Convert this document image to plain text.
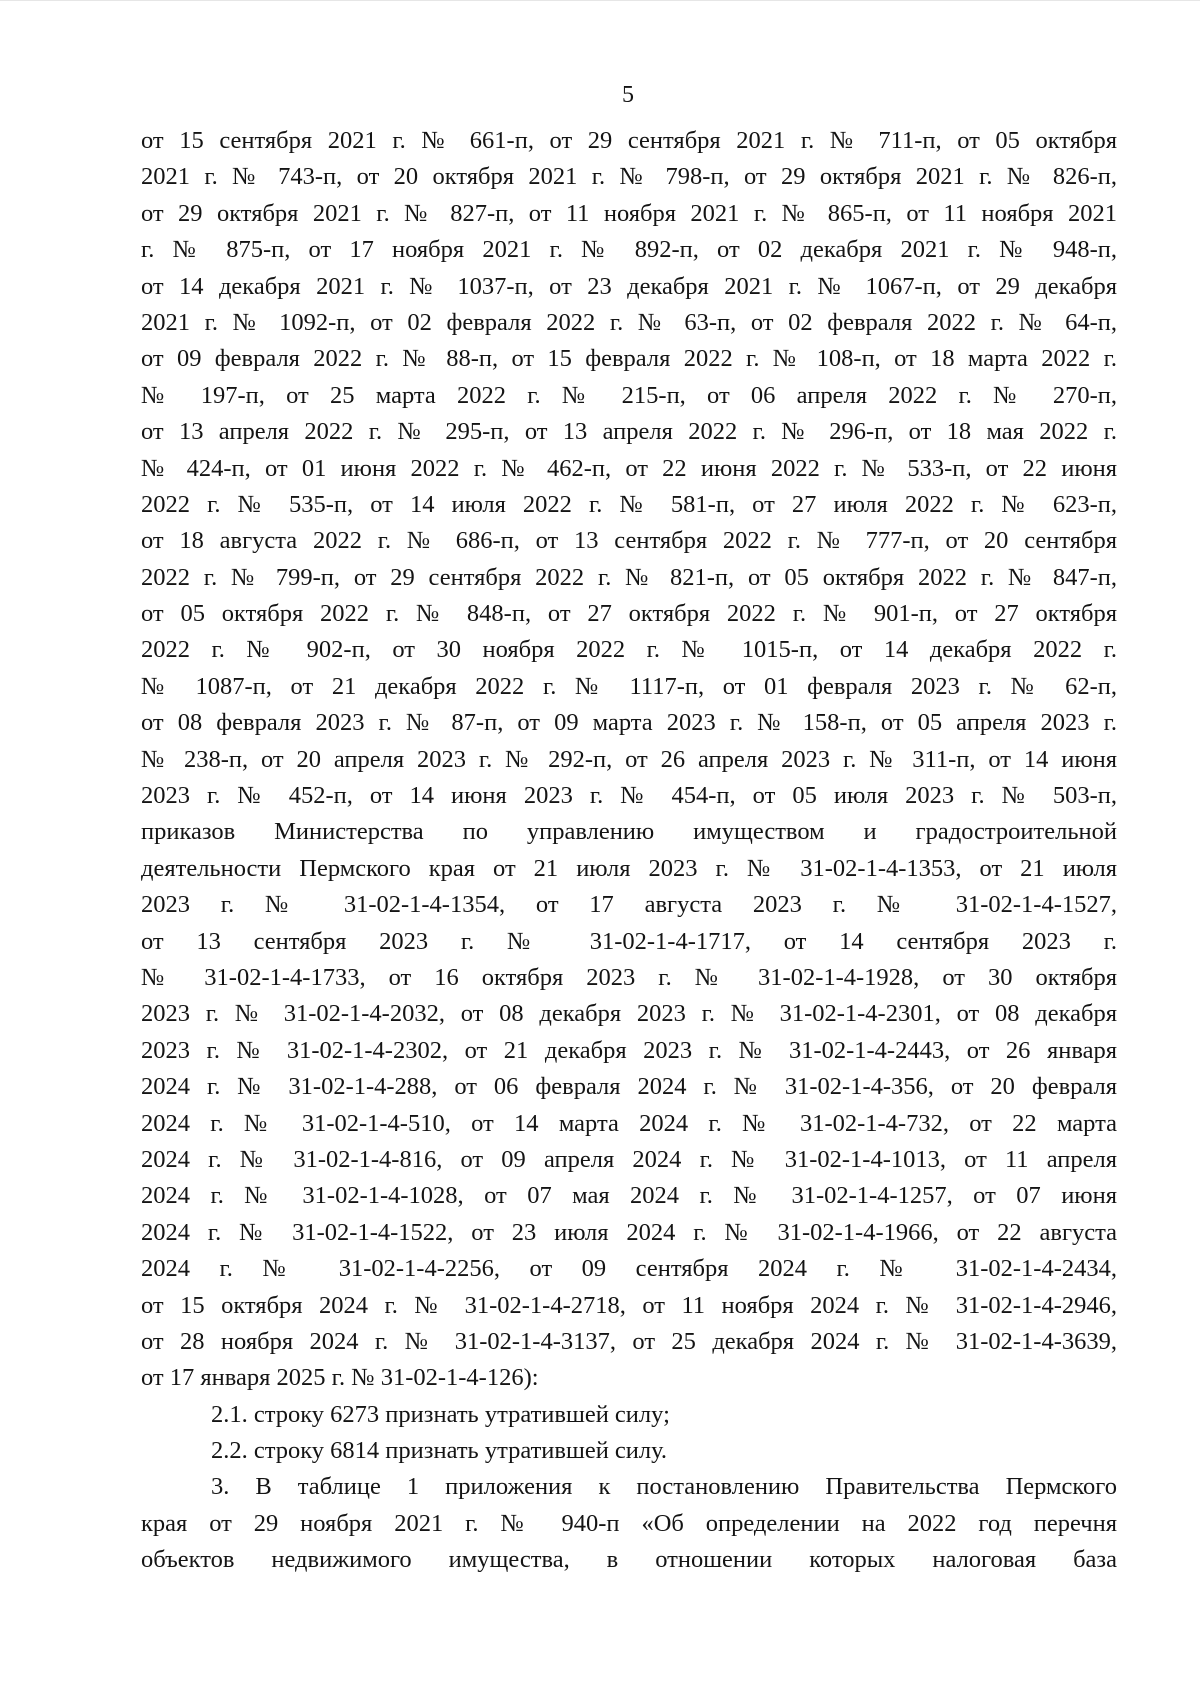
5
от 15 сентября 2021 г. № 661-п, от 29 сентября 2021 г. № 711-п, от 05 октября
2021 г. № 743-п, от 20 октября 2021 г. № 798-п, от 29 октября 2021 г. № 826-п,
от 29 октября 2021 г. № 827-п, от 11 ноября 2021 г. № 865-п, от 11 ноября 2021
г. № 875-п, от 17 ноября 2021 г. № 892-п, от 02 декабря 2021 г. № 948-п,
от 14 декабря 2021 г. № 1037-п, от 23 декабря 2021 г. № 1067-п, от 29 декабря
2021 г. № 1092-п, от 02 февраля 2022 г. № 63-п, от 02 февраля 2022 г. № 64-п,
от 09 февраля 2022 г. № 88-п, от 15 февраля 2022 г. № 108-п, от 18 марта 2022 г.
№ 197-п, от 25 марта 2022 г. № 215-п, от 06 апреля 2022 г. № 270-п,
от 13 апреля 2022 г. № 295-п, от 13 апреля 2022 г. № 296-п, от 18 мая 2022 г.
№ 424-п, от 01 июня 2022 г. № 462-п, от 22 июня 2022 г. № 533-п, от 22 июня
2022 г. № 535-п, от 14 июля 2022 г. № 581-п, от 27 июля 2022 г. № 623-п,
от 18 августа 2022 г. № 686-п, от 13 сентября 2022 г. № 777-п, от 20 сентября
2022 г. № 799-п, от 29 сентября 2022 г. № 821-п, от 05 октября 2022 г. № 847-п,
от 05 октября 2022 г. № 848-п, от 27 октября 2022 г. № 901-п, от 27 октября
2022 г. № 902-п, от 30 ноября 2022 г. № 1015-п, от 14 декабря 2022 г.
№ 1087-п, от 21 декабря 2022 г. № 1117-п, от 01 февраля 2023 г. № 62-п,
от 08 февраля 2023 г. № 87-п, от 09 марта 2023 г. № 158-п, от 05 апреля 2023 г.
№ 238-п, от 20 апреля 2023 г. № 292-п, от 26 апреля 2023 г. № 311-п, от 14 июня
2023 г. № 452-п, от 14 июня 2023 г. № 454-п, от 05 июля 2023 г. № 503-п,
приказов Министерства по управлению имуществом и градостроительной
деятельности Пермского края от 21 июля 2023 г. № 31-02-1-4-1353, от 21 июля
2023 г. № 31-02-1-4-1354, от 17 августа 2023 г. № 31-02-1-4-1527,
от 13 сентября 2023 г. № 31-02-1-4-1717, от 14 сентября 2023 г.
№ 31-02-1-4-1733, от 16 октября 2023 г. № 31-02-1-4-1928, от 30 октября
2023 г. № 31-02-1-4-2032, от 08 декабря 2023 г. № 31-02-1-4-2301, от 08 декабря
2023 г. № 31-02-1-4-2302, от 21 декабря 2023 г. № 31-02-1-4-2443, от 26 января
2024 г. № 31-02-1-4-288, от 06 февраля 2024 г. № 31-02-1-4-356, от 20 февраля
2024 г. № 31-02-1-4-510, от 14 марта 2024 г. № 31-02-1-4-732, от 22 марта
2024 г. № 31-02-1-4-816, от 09 апреля 2024 г. № 31-02-1-4-1013, от 11 апреля
2024 г. № 31-02-1-4-1028, от 07 мая 2024 г. № 31-02-1-4-1257, от 07 июня
2024 г. № 31-02-1-4-1522, от 23 июля 2024 г. № 31-02-1-4-1966, от 22 августа
2024 г. № 31-02-1-4-2256, от 09 сентября 2024 г. № 31-02-1-4-2434,
от 15 октября 2024 г. № 31-02-1-4-2718, от 11 ноября 2024 г. № 31-02-1-4-2946,
от 28 ноября 2024 г. № 31-02-1-4-3137, от 25 декабря 2024 г. № 31-02-1-4-3639,
от 17 января 2025 г. № 31-02-1-4-126):
2.1. строку 6273 признать утратившей силу;
2.2. строку 6814 признать утратившей силу.
3. В таблице 1 приложения к постановлению Правительства Пермского
края от 29 ноября 2021 г. № 940-п «Об определении на 2022 год перечня
объектов недвижимого имущества, в отношении которых налоговая база
